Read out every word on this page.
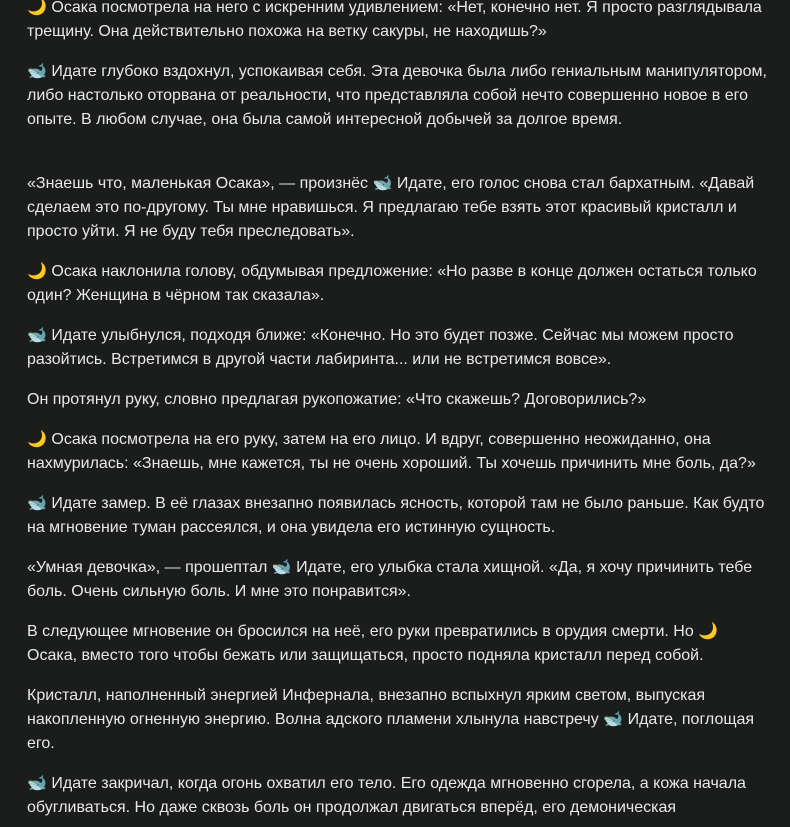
🌙 Осака посмотрела на него с искренним удивлением: «Нет, конечно нет. Я просто разглядывала трещину. Она действительно похожа на ветку сакуры, не находишь?»

🐋 Идате глубоко вздохнул, успокаивая себя. Эта девочка была либо гениальным манипулятором, либо настолько оторвана от реальности, что представляла собой нечто совершенно новое в его опыте. В любом случае, она была самой интересной добычей за долгое время.

«Знаешь что, маленькая Осака», — произнёс 🐋 Идате, его голос снова стал бархатным. «Давай сделаем это по-другому. Ты мне нравишься. Я предлагаю тебе взять этот красивый кристалл и просто уйти. Я не буду тебя преследовать».

🌙 Осака наклонила голову, обдумывая предложение: «Но разве в конце должен остаться только один? Женщина в чёрном так сказала».

🐋 Идате улыбнулся, подходя ближе: «Конечно. Но это будет позже. Сейчас мы можем просто разойтись. Встретимся в другой части лабиринта... или не встретимся вовсе».

Он протянул руку, словно предлагая рукопожатие: «Что скажешь? Договорились?»

🌙 Осака посмотрела на его руку, затем на его лицо. И вдруг, совершенно неожиданно, она нахмурилась: «Знаешь, мне кажется, ты не очень хороший. Ты хочешь причинить мне боль, да?»

🐋 Идате замер. В её глазах внезапно появилась ясность, которой там не было раньше. Как будто на мгновение туман рассеялся, и она увидела его истинную сущность.

«Умная девочка», — прошептал 🐋 Идате, его улыбка стала хищной. «Да, я хочу причинить тебе боль. Очень сильную боль. И мне это понравится».

В следующее мгновение он бросился на неё, его руки превратились в орудия смерти. Но 🌙 Осака, вместо того чтобы бежать или защищаться, просто подняла кристалл перед собой.

Кристалл, наполненный энергией Инфернала, внезапно вспыхнул ярким светом, выпуская накопленную огненную энергию. Волна адского пламени хлынула навстречу 🐋 Идате, поглощая его.

🐋 Идате закричал, когда огонь охватил его тело. Его одежда мгновенно сгорела, а кожа начала обугливаться. Но даже сквозь боль он продолжал двигаться вперёд, его демоническая
